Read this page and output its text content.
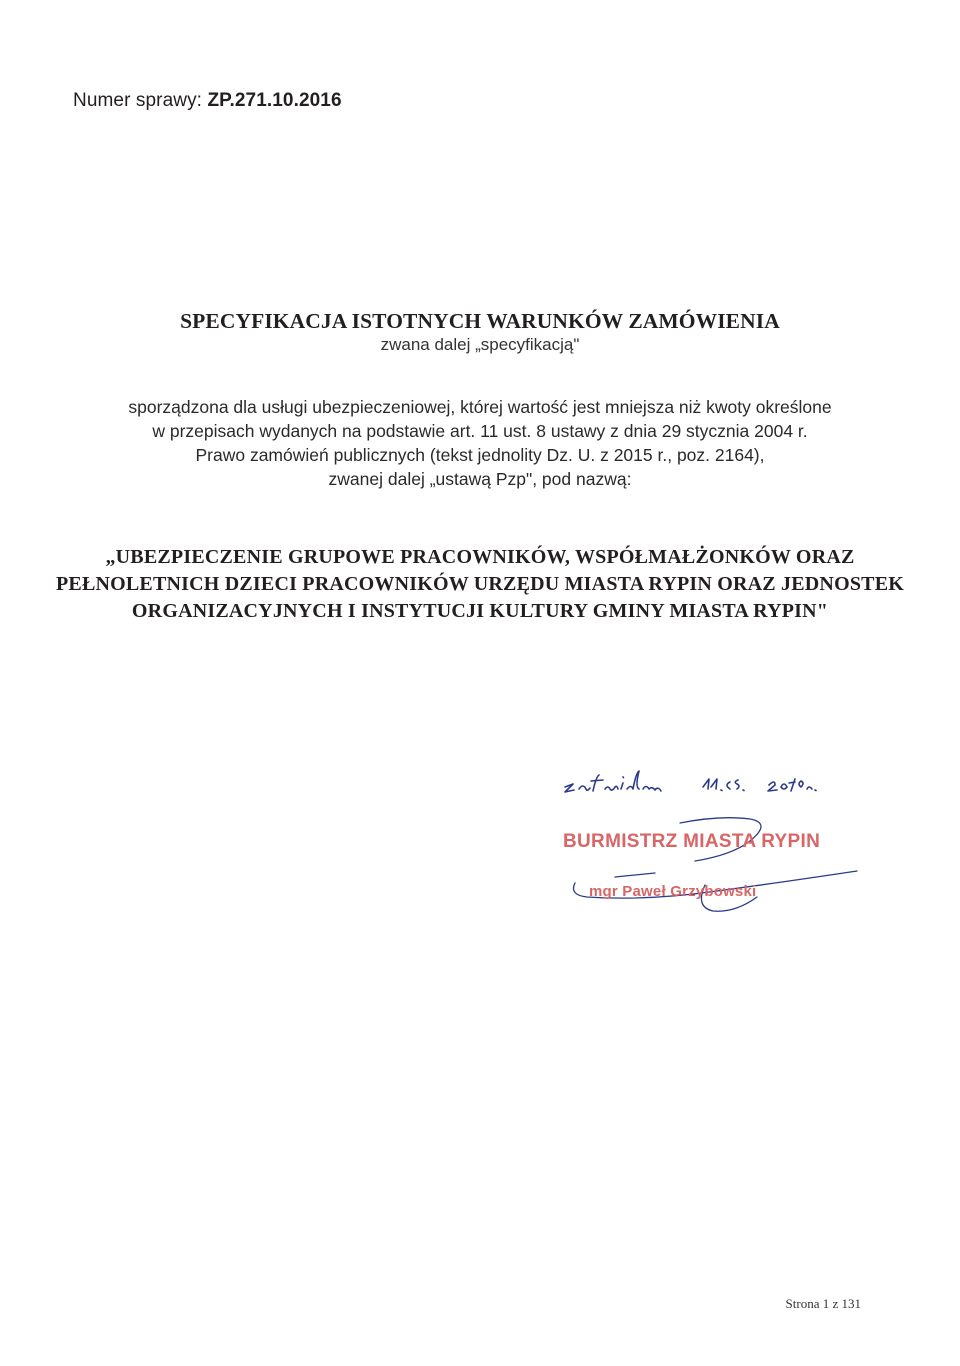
Numer sprawy: ZP.271.10.2016
SPECYFIKACJA ISTOTNYCH WARUNKÓW ZAMÓWIENIA
zwana dalej „specyfikacją"
sporządzona dla usługi ubezpieczeniowej, której wartość jest mniejsza niż kwoty określone
w przepisach wydanych na podstawie art. 11 ust. 8 ustawy z dnia 29 stycznia 2004 r.
Prawo zamówień publicznych (tekst jednolity Dz. U. z 2015 r., poz. 2164),
zwanej dalej „ustawą Pzp", pod nazwą:
„UBEZPIECZENIE GRUPOWE PRACOWNIKÓW, WSPÓŁMAŁŻONKÓW ORAZ
PEŁNOLETNICH DZIECI PRACOWNIKÓW URZĘDU MIASTA RYPIN ORAZ JEDNOSTEK
ORGANIZACYJNYCH I INSTYTUCJI KULTURY GMINY MIASTA RYPIN"
BURMISTRZ MIASTA RYPIN
mgr Paweł Grzybowski
Strona 1 z 131
